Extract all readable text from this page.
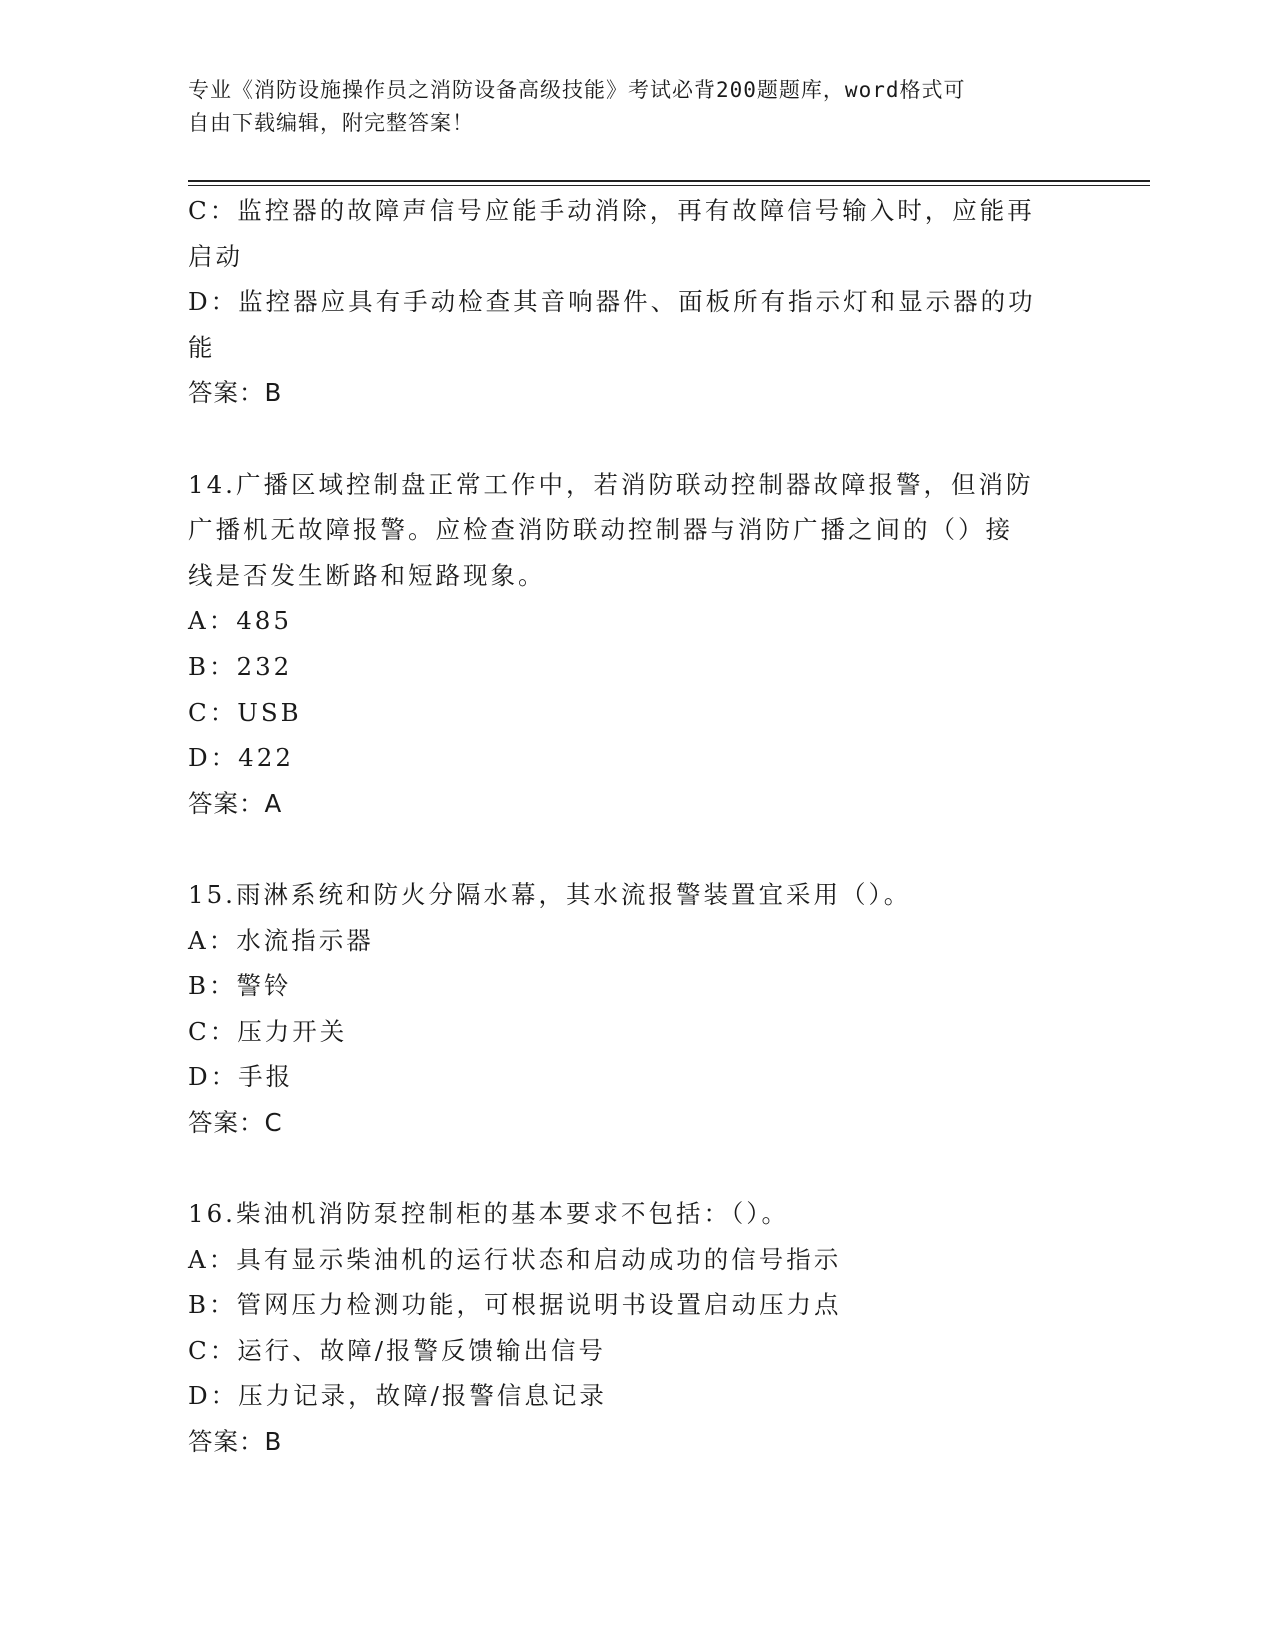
专业《消防设施操作员之消防设备高级技能》考试必背200题题库，word格式可
自由下载编辑，附完整答案！

C：监控器的故障声信号应能手动消除，再有故障信号输入时，应能再

启动

D：监控器应具有手动检查其音响器件、面板所有指示灯和显示器的功

能

答案：B

14.广播区域控制盘正常工作中，若消防联动控制器故障报警，但消防

广播机无故障报警。应检查消防联动控制器与消防广播之间的（）接

线是否发生断路和短路现象。

A：485

B：232

C：USB

D：422

答案：A

15.雨淋系统和防火分隔水幕，其水流报警装置宜采用（）。

A：水流指示器

B：警铃

C：压力开关

D：手报

答案：C

16.柴油机消防泵控制柜的基本要求不包括：（）。

A：具有显示柴油机的运行状态和启动成功的信号指示

B：管网压力检测功能，可根据说明书设置启动压力点

C：运行、故障/报警反馈输出信号

D：压力记录，故障/报警信息记录

答案：B
